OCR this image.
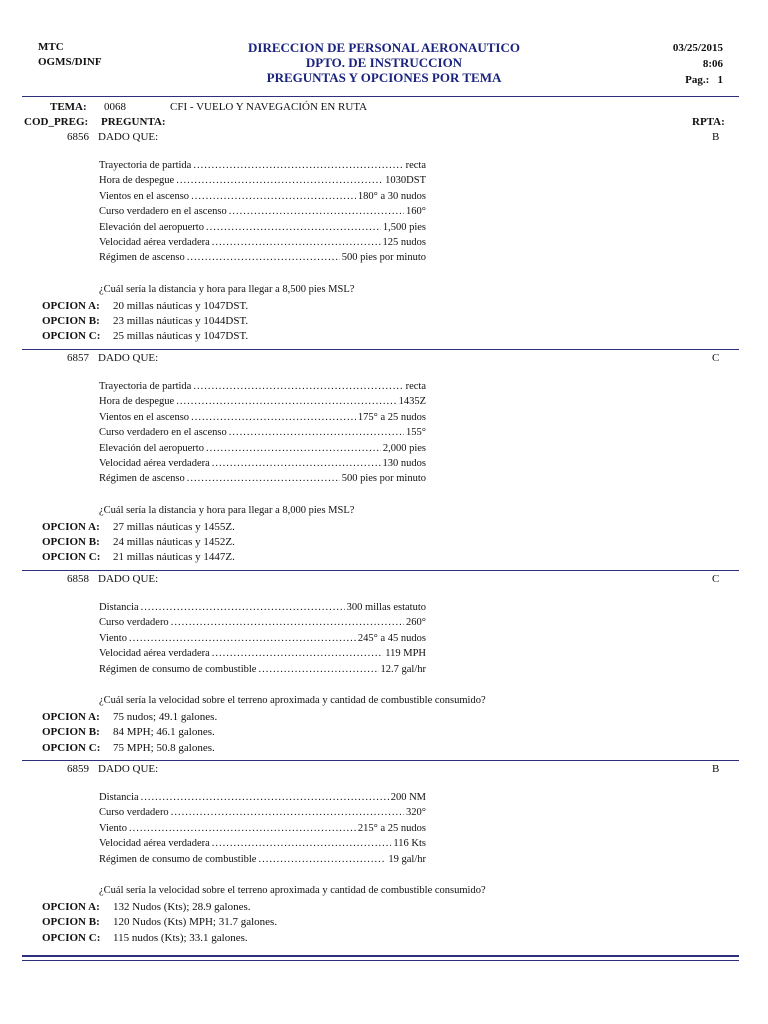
MTC
OGMS/DINF
DIRECCION DE PERSONAL AERONAUTICO
DPTO. DE INSTRUCCION
PREGUNTAS Y OPCIONES POR TEMA
03/25/2015
8:06
Pag.: 1
TEMA: 0068	CFI - VUELO Y NAVEGACIÓN EN RUTA
COD_PREG: PREGUNTA:	RPTA:
6856 DADO QUE:	B
Trayectoria de partida .....	recta
Hora de despegue .....	1030DST
Vientos en el ascenso .....	180° a 30 nudos
Curso verdadero en el ascenso .....	160°
Elevación del aeropuerto .....	1,500 pies
Velocidad aérea verdadera .....	125 nudos
Régimen de ascenso .....	500 pies por minuto
¿Cuál sería la distancia y hora para llegar a 8,500 pies MSL?
OPCION A: 20 millas náuticas y 1047DST.
OPCION B: 23 millas náuticas y 1044DST.
OPCION C: 25 millas náuticas y 1047DST.
6857 DADO QUE:	C
Trayectoria de partida .....	recta
Hora de despegue .....	1435Z
Vientos en el ascenso .....	175° a 25 nudos
Curso verdadero en el ascenso .....	155°
Elevación del aeropuerto .....	2,000 pies
Velocidad aérea verdadera .....	130 nudos
Régimen de ascenso .....	500 pies por minuto
¿Cuál sería la distancia y hora para llegar a 8,000 pies MSL?
OPCION A: 27 millas náuticas y 1455Z.
OPCION B: 24 millas náuticas y 1452Z.
OPCION C: 21 millas náuticas y 1447Z.
6858 DADO QUE:	C
Distancia .....	300 millas estatuto
Curso verdadero .....	260°
Viento .....	245° a 45 nudos
Velocidad aérea verdadera .....	119 MPH
Régimen de consumo de combustible .....	12.7 gal/hr
¿Cuál sería la velocidad sobre el terreno aproximada y cantidad de combustible consumido?
OPCION A: 75 nudos; 49.1 galones.
OPCION B: 84 MPH; 46.1 galones.
OPCION C: 75 MPH; 50.8 galones.
6859 DADO QUE:	B
Distancia .....	200 NM
Curso verdadero .....	320°
Viento .....	215° a 25 nudos
Velocidad aérea verdadera .....	116 Kts
Régimen de consumo de combustible .....	19 gal/hr
¿Cuál sería la velocidad sobre el terreno aproximada y cantidad de combustible consumido?
OPCION A: 132 Nudos (Kts); 28.9 galones.
OPCION B: 120 Nudos (Kts) MPH; 31.7 galones.
OPCION C: 115 nudos (Kts); 33.1 galones.
